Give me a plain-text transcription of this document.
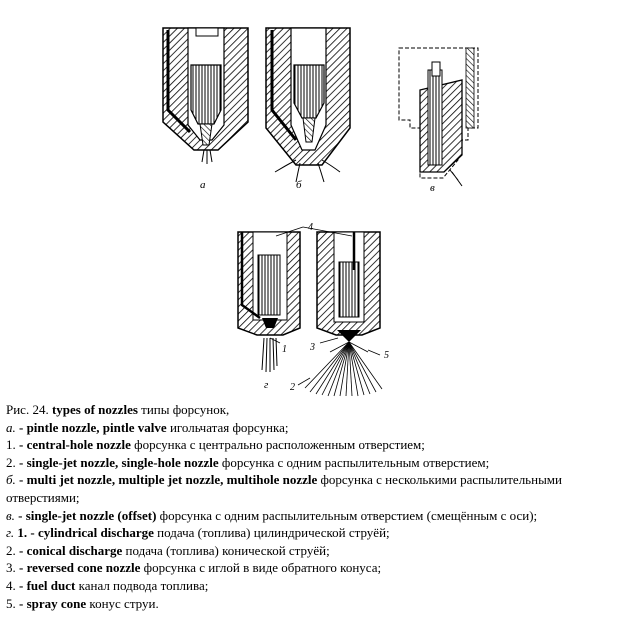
а	б	в
г
4
1 3
5
2
Рис. 24. types of nozzles типы форсунок,
а. - pintle nozzle, pintle valve игольчатая форсунка;
1. - central-hole nozzle форсунка с центрально расположенным отверстием;
2. - single-jet nozzle, single-hole nozzle форсунка с одним распылительным отверстием;
б. - multi jet nozzle, multiple jet nozzle, multihole nozzle форсунка с несколькими распылительными отверстиями;
в. - single-jet nozzle (offset) форсунка с одним распылительным отверстием (смещённым с оси);
г. 1. - cylindrical discharge подача (топлива) цилиндрической струёй;
2. - conical discharge подача (топлива) конической струёй;
3. - reversed cone nozzle форсунка с иглой в виде обратного конуса;
4. - fuel duct канал подвода топлива;
5. - spray cone конус струи.
